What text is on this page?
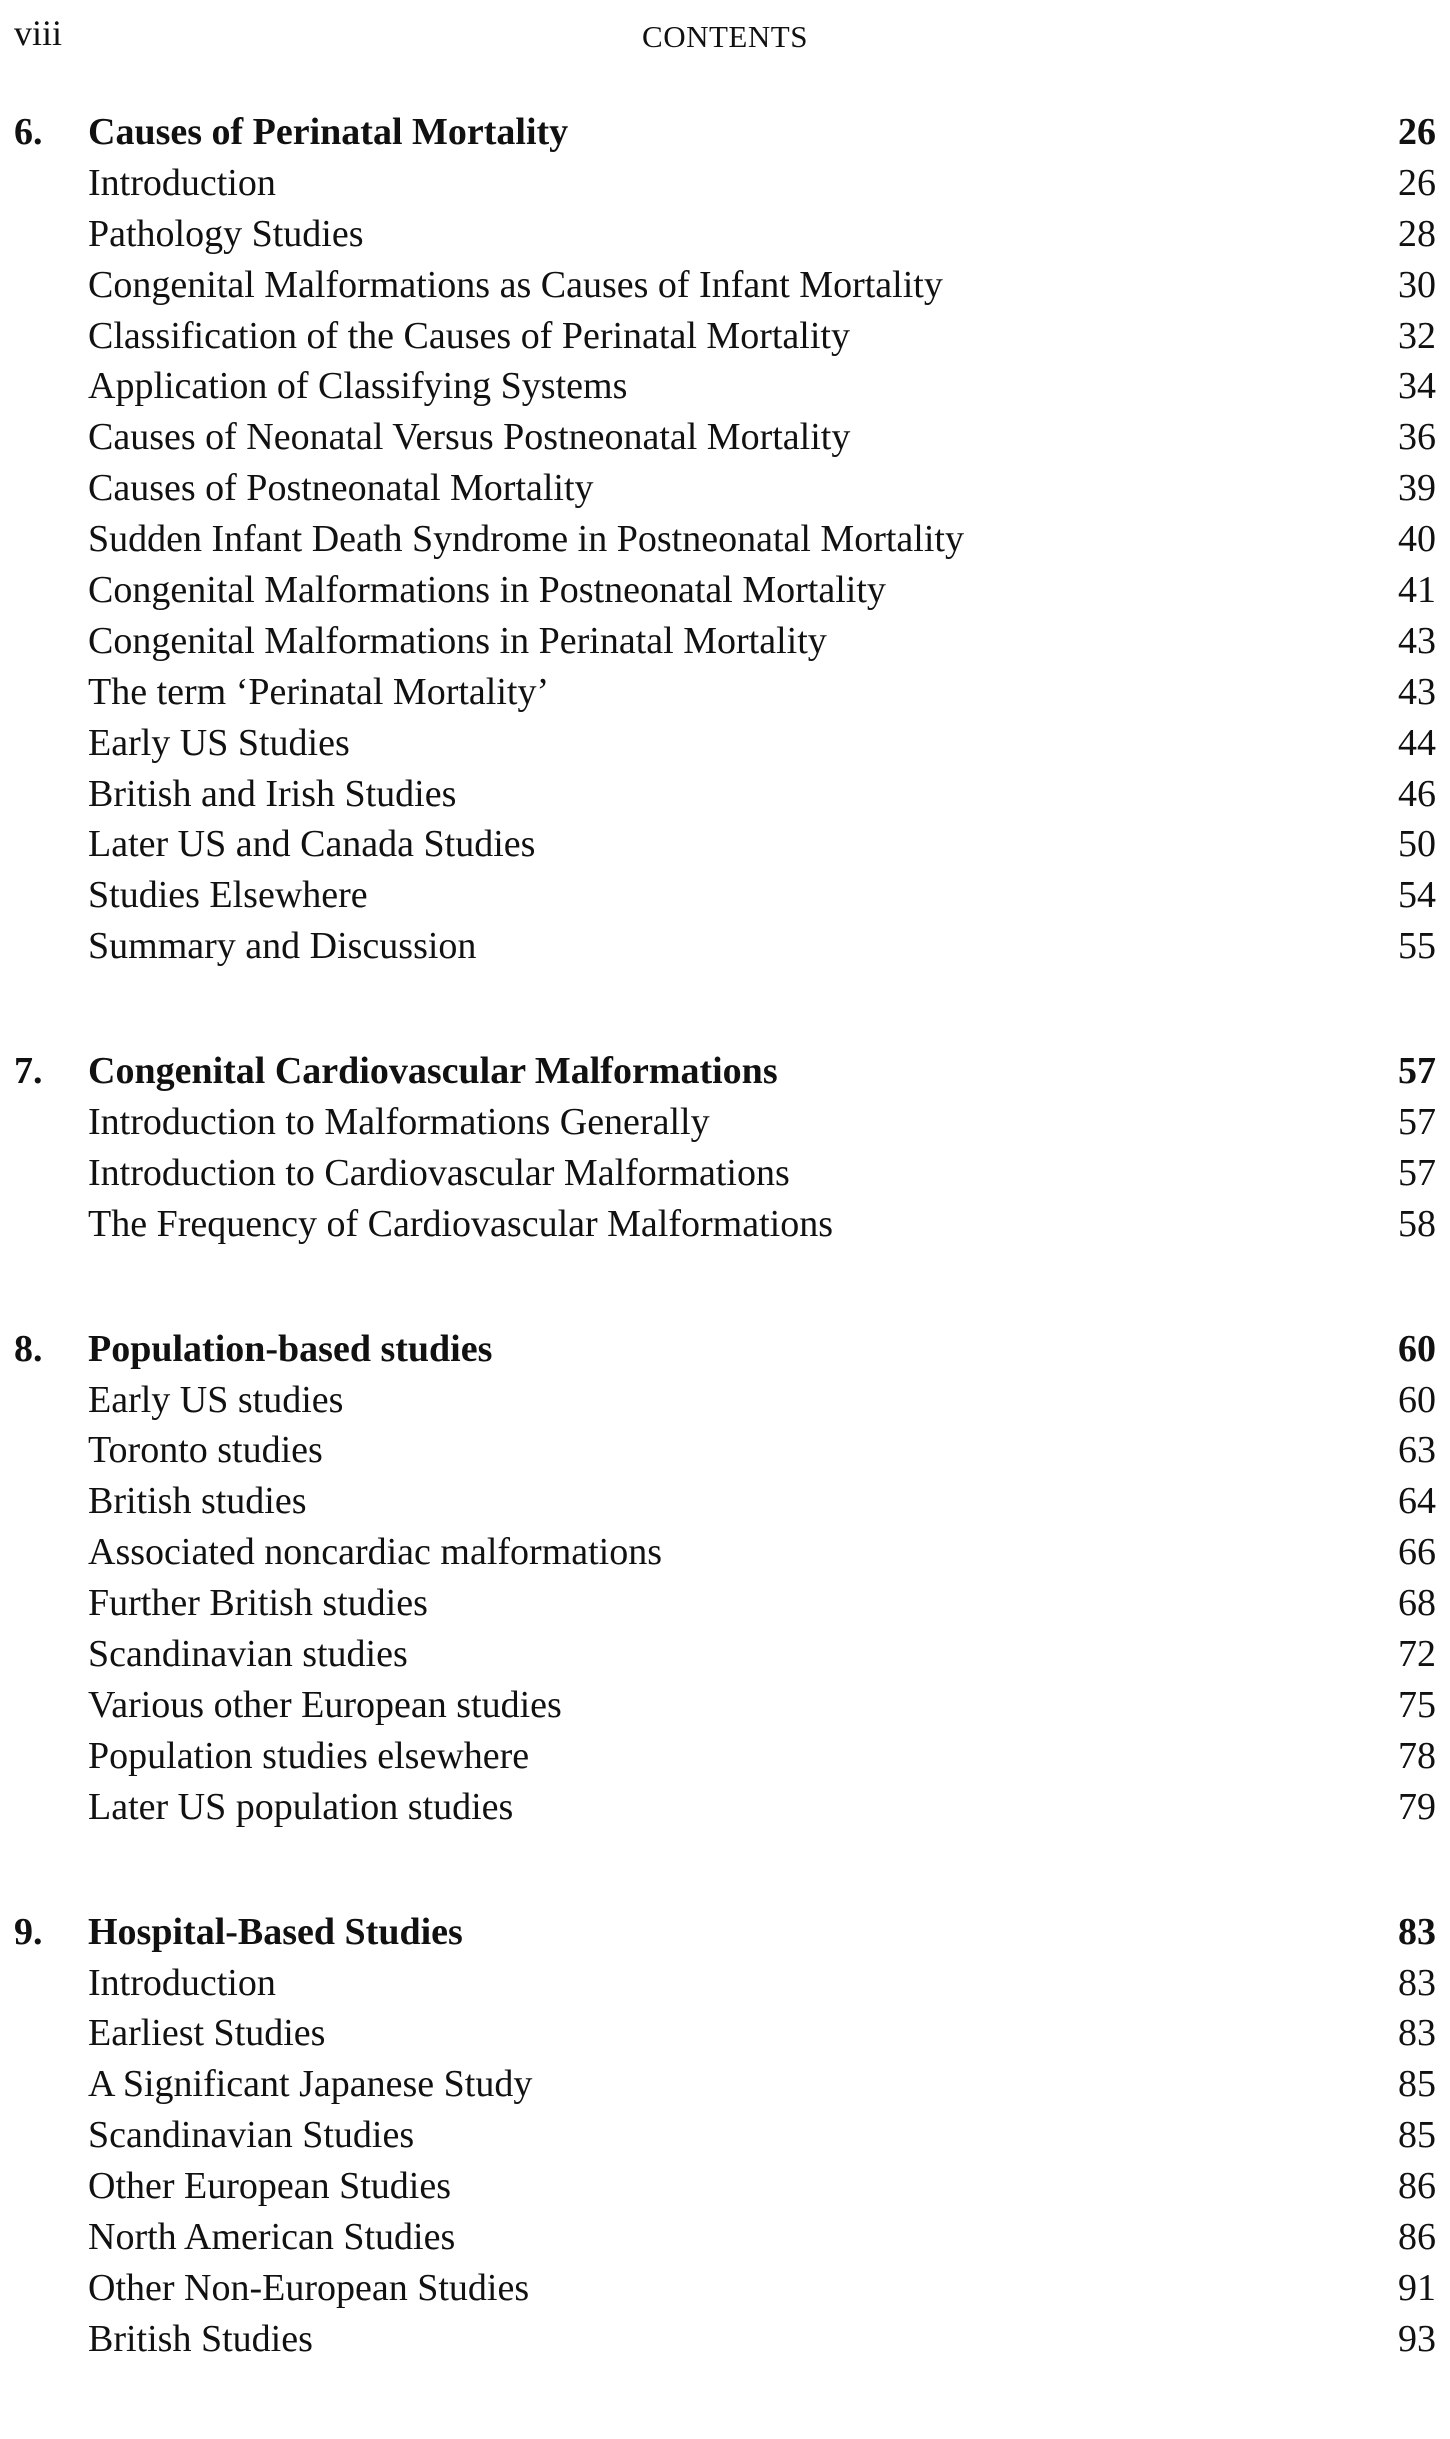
viii	CONTENTS
6. Causes of Perinatal Mortality	26
Introduction	26
Pathology Studies	28
Congenital Malformations as Causes of Infant Mortality	30
Classification of the Causes of Perinatal Mortality	32
Application of Classifying Systems	34
Causes of Neonatal Versus Postneonatal Mortality	36
Causes of Postneonatal Mortality	39
Sudden Infant Death Syndrome in Postneonatal Mortality	40
Congenital Malformations in Postneonatal Mortality	41
Congenital Malformations in Perinatal Mortality	43
The term ‘Perinatal Mortality’	43
Early US Studies	44
British and Irish Studies	46
Later US and Canada Studies	50
Studies Elsewhere	54
Summary and Discussion	55
7. Congenital Cardiovascular Malformations	57
Introduction to Malformations Generally	57
Introduction to Cardiovascular Malformations	57
The Frequency of Cardiovascular Malformations	58
8. Population-based studies	60
Early US studies	60
Toronto studies	63
British studies	64
Associated noncardiac malformations	66
Further British studies	68
Scandinavian studies	72
Various other European studies	75
Population studies elsewhere	78
Later US population studies	79
9. Hospital-Based Studies	83
Introduction	83
Earliest Studies	83
A Significant Japanese Study	85
Scandinavian Studies	85
Other European Studies	86
North American Studies	86
Other Non-European Studies	91
British Studies	93
